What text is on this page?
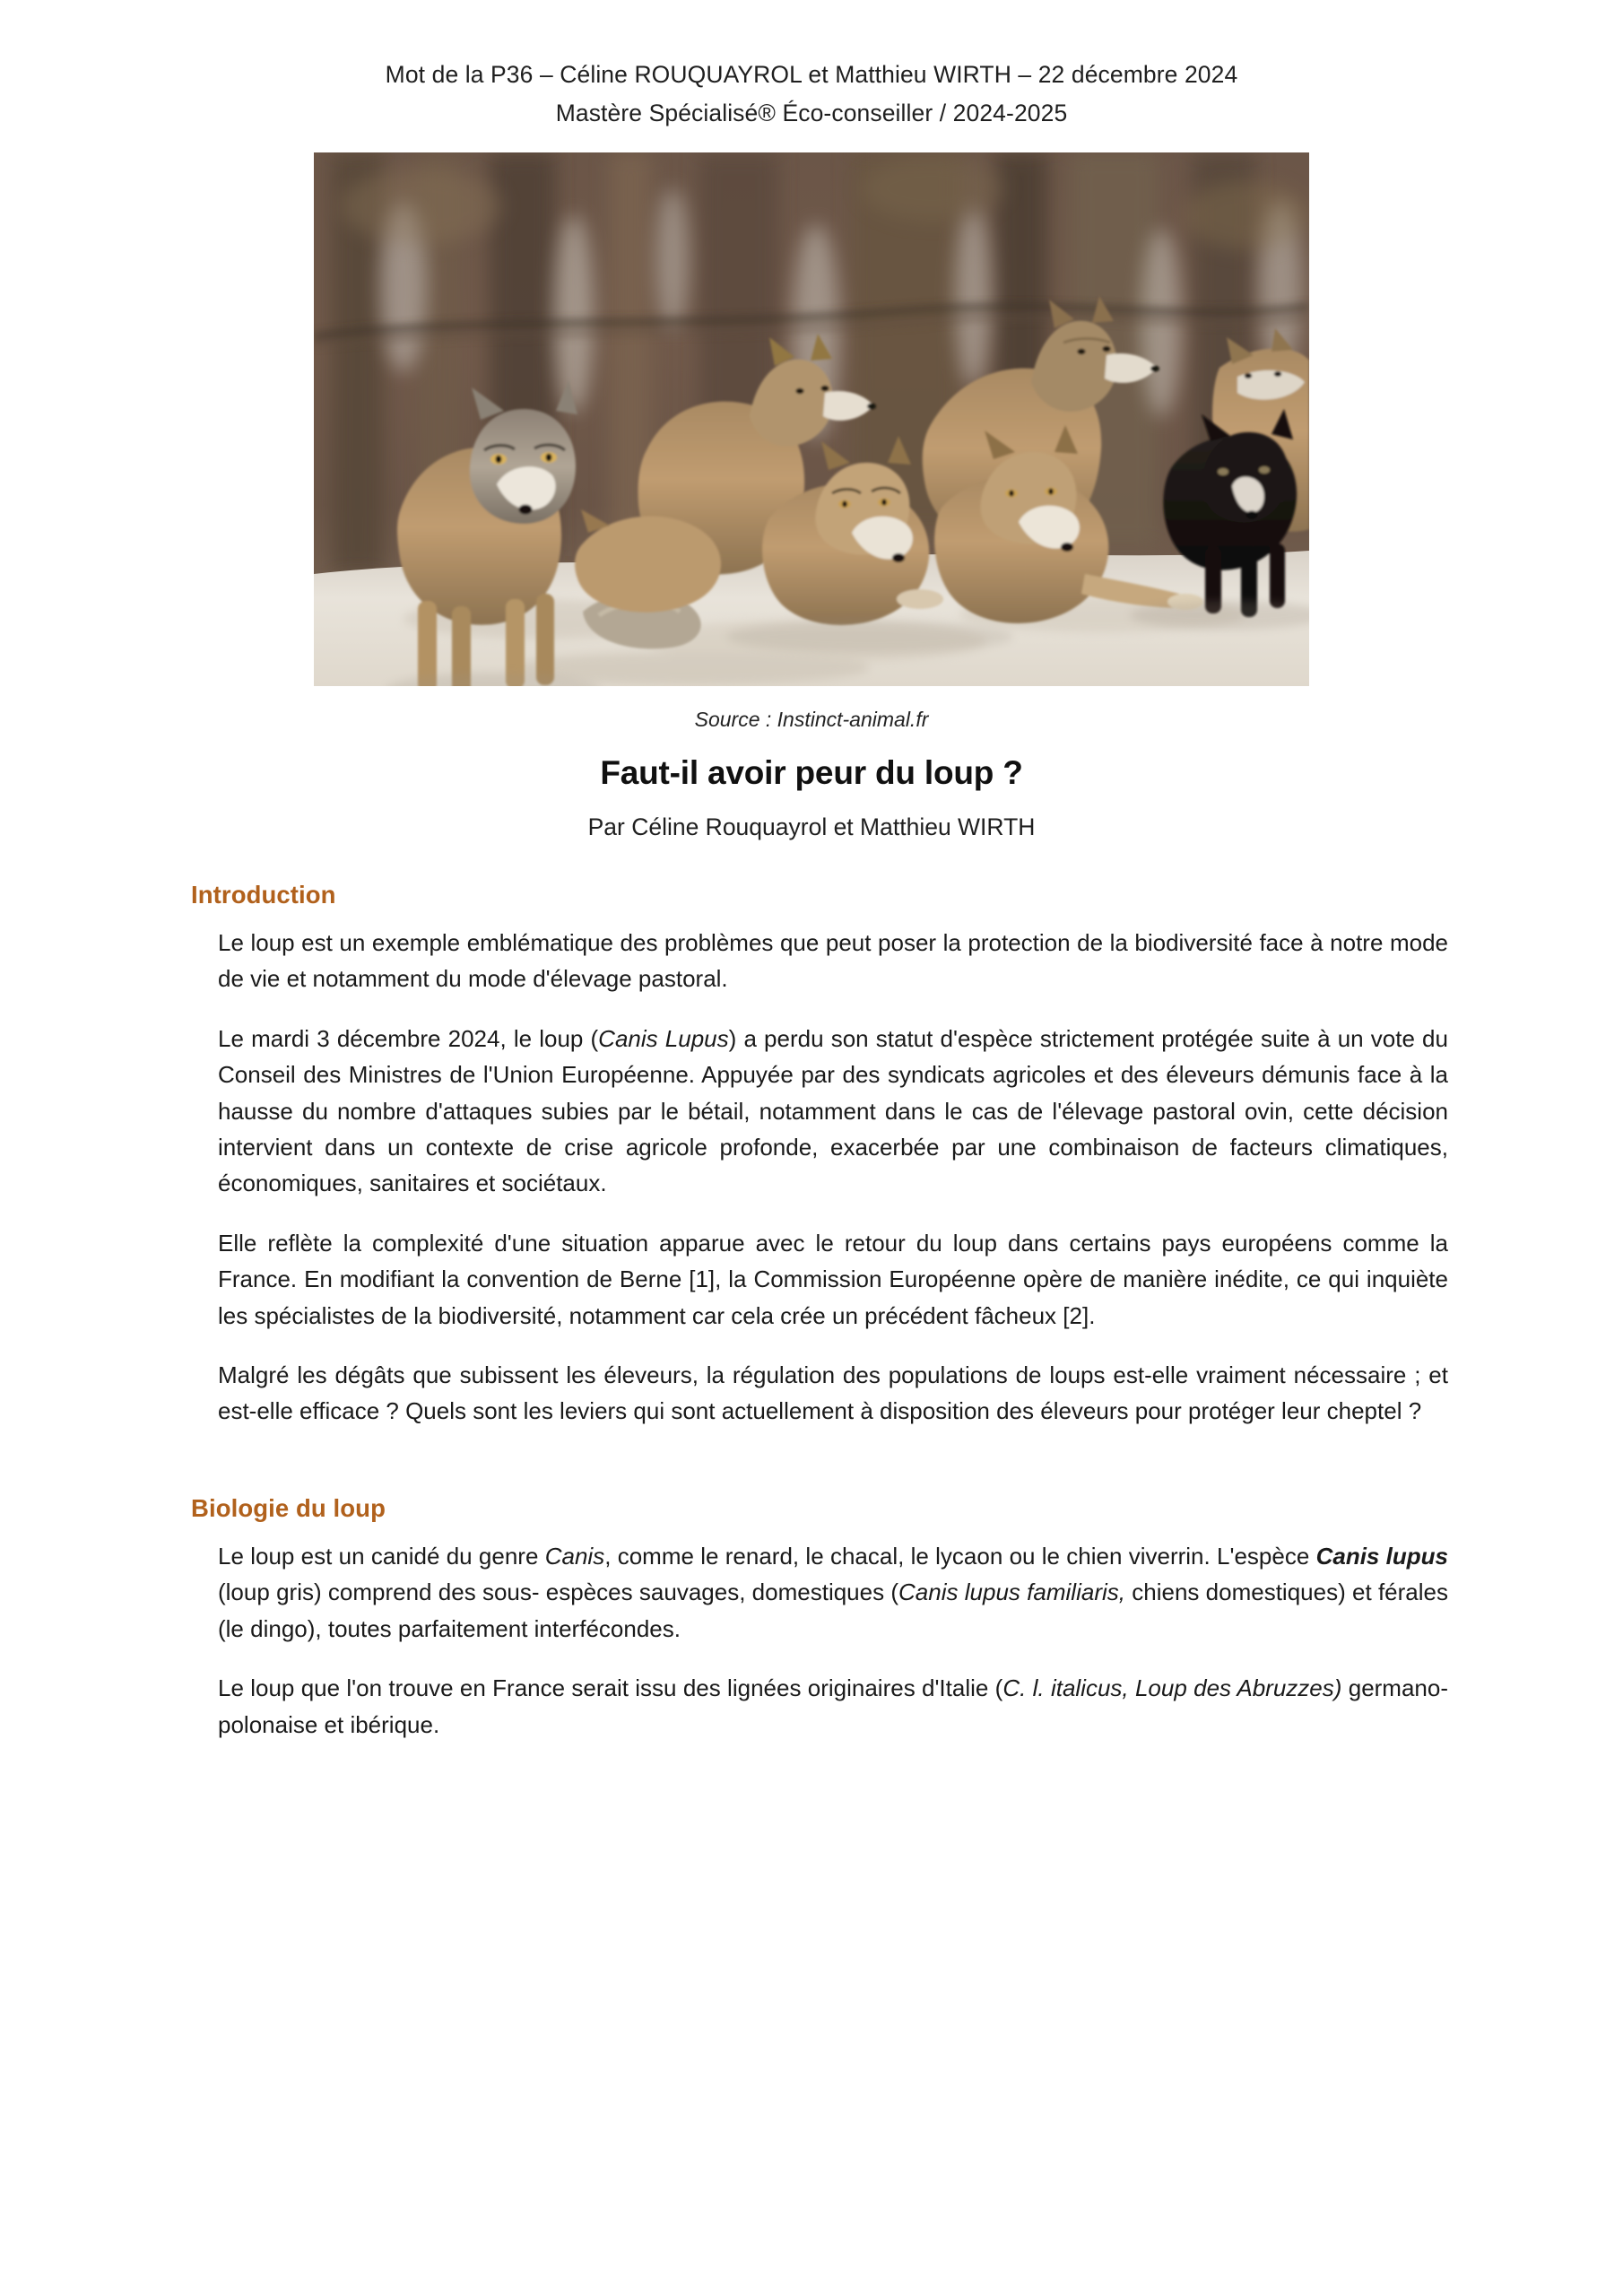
Mot de la P36 – Céline ROUQUAYROL et Matthieu WIRTH – 22 décembre 2024
Mastère Spécialisé® Éco-conseiller / 2024-2025
Source : Instinct-animal.fr
Faut-il avoir peur du loup ?
Par Céline Rouquayrol et Matthieu WIRTH
Introduction

Le loup est un exemple emblématique des problèmes que peut poser la protection de la biodiversité face à notre mode de vie et notamment du mode d'élevage pastoral.

Le mardi 3 décembre 2024, le loup (Canis Lupus) a perdu son statut d'espèce strictement protégée suite à un vote du Conseil des Ministres de l'Union Européenne. Appuyée par des syndicats agricoles et des éleveurs démunis face à la hausse du nombre d'attaques subies par le bétail, notamment dans le cas de l'élevage pastoral ovin, cette décision intervient dans un contexte de crise agricole profonde, exacerbée par une combinaison de facteurs climatiques, économiques, sanitaires et sociétaux.

Elle reflète la complexité d'une situation apparue avec le retour du loup dans certains pays européens comme la France. En modifiant la convention de Berne [1], la Commission Européenne opère de manière inédite, ce qui inquiète les spécialistes de la biodiversité, notamment car cela crée un précédent fâcheux [2].

Malgré les dégâts que subissent les éleveurs, la régulation des populations de loups est-elle vraiment nécessaire ; et est-elle efficace ? Quels sont les leviers qui sont actuellement à disposition des éleveurs pour protéger leur cheptel ?

Biologie du loup

Le loup est un canidé du genre Canis, comme le renard, le chacal, le lycaon ou le chien viverrin. L'espèce Canis lupus (loup gris) comprend des sous- espèces sauvages, domestiques (Canis lupus familiaris, chiens domestiques) et férales (le dingo), toutes parfaitement interfécondes.

Le loup que l'on trouve en France serait issu des lignées originaires d'Italie (C. l. italicus, Loup des Abruzzes) germano-polonaise et ibérique.
